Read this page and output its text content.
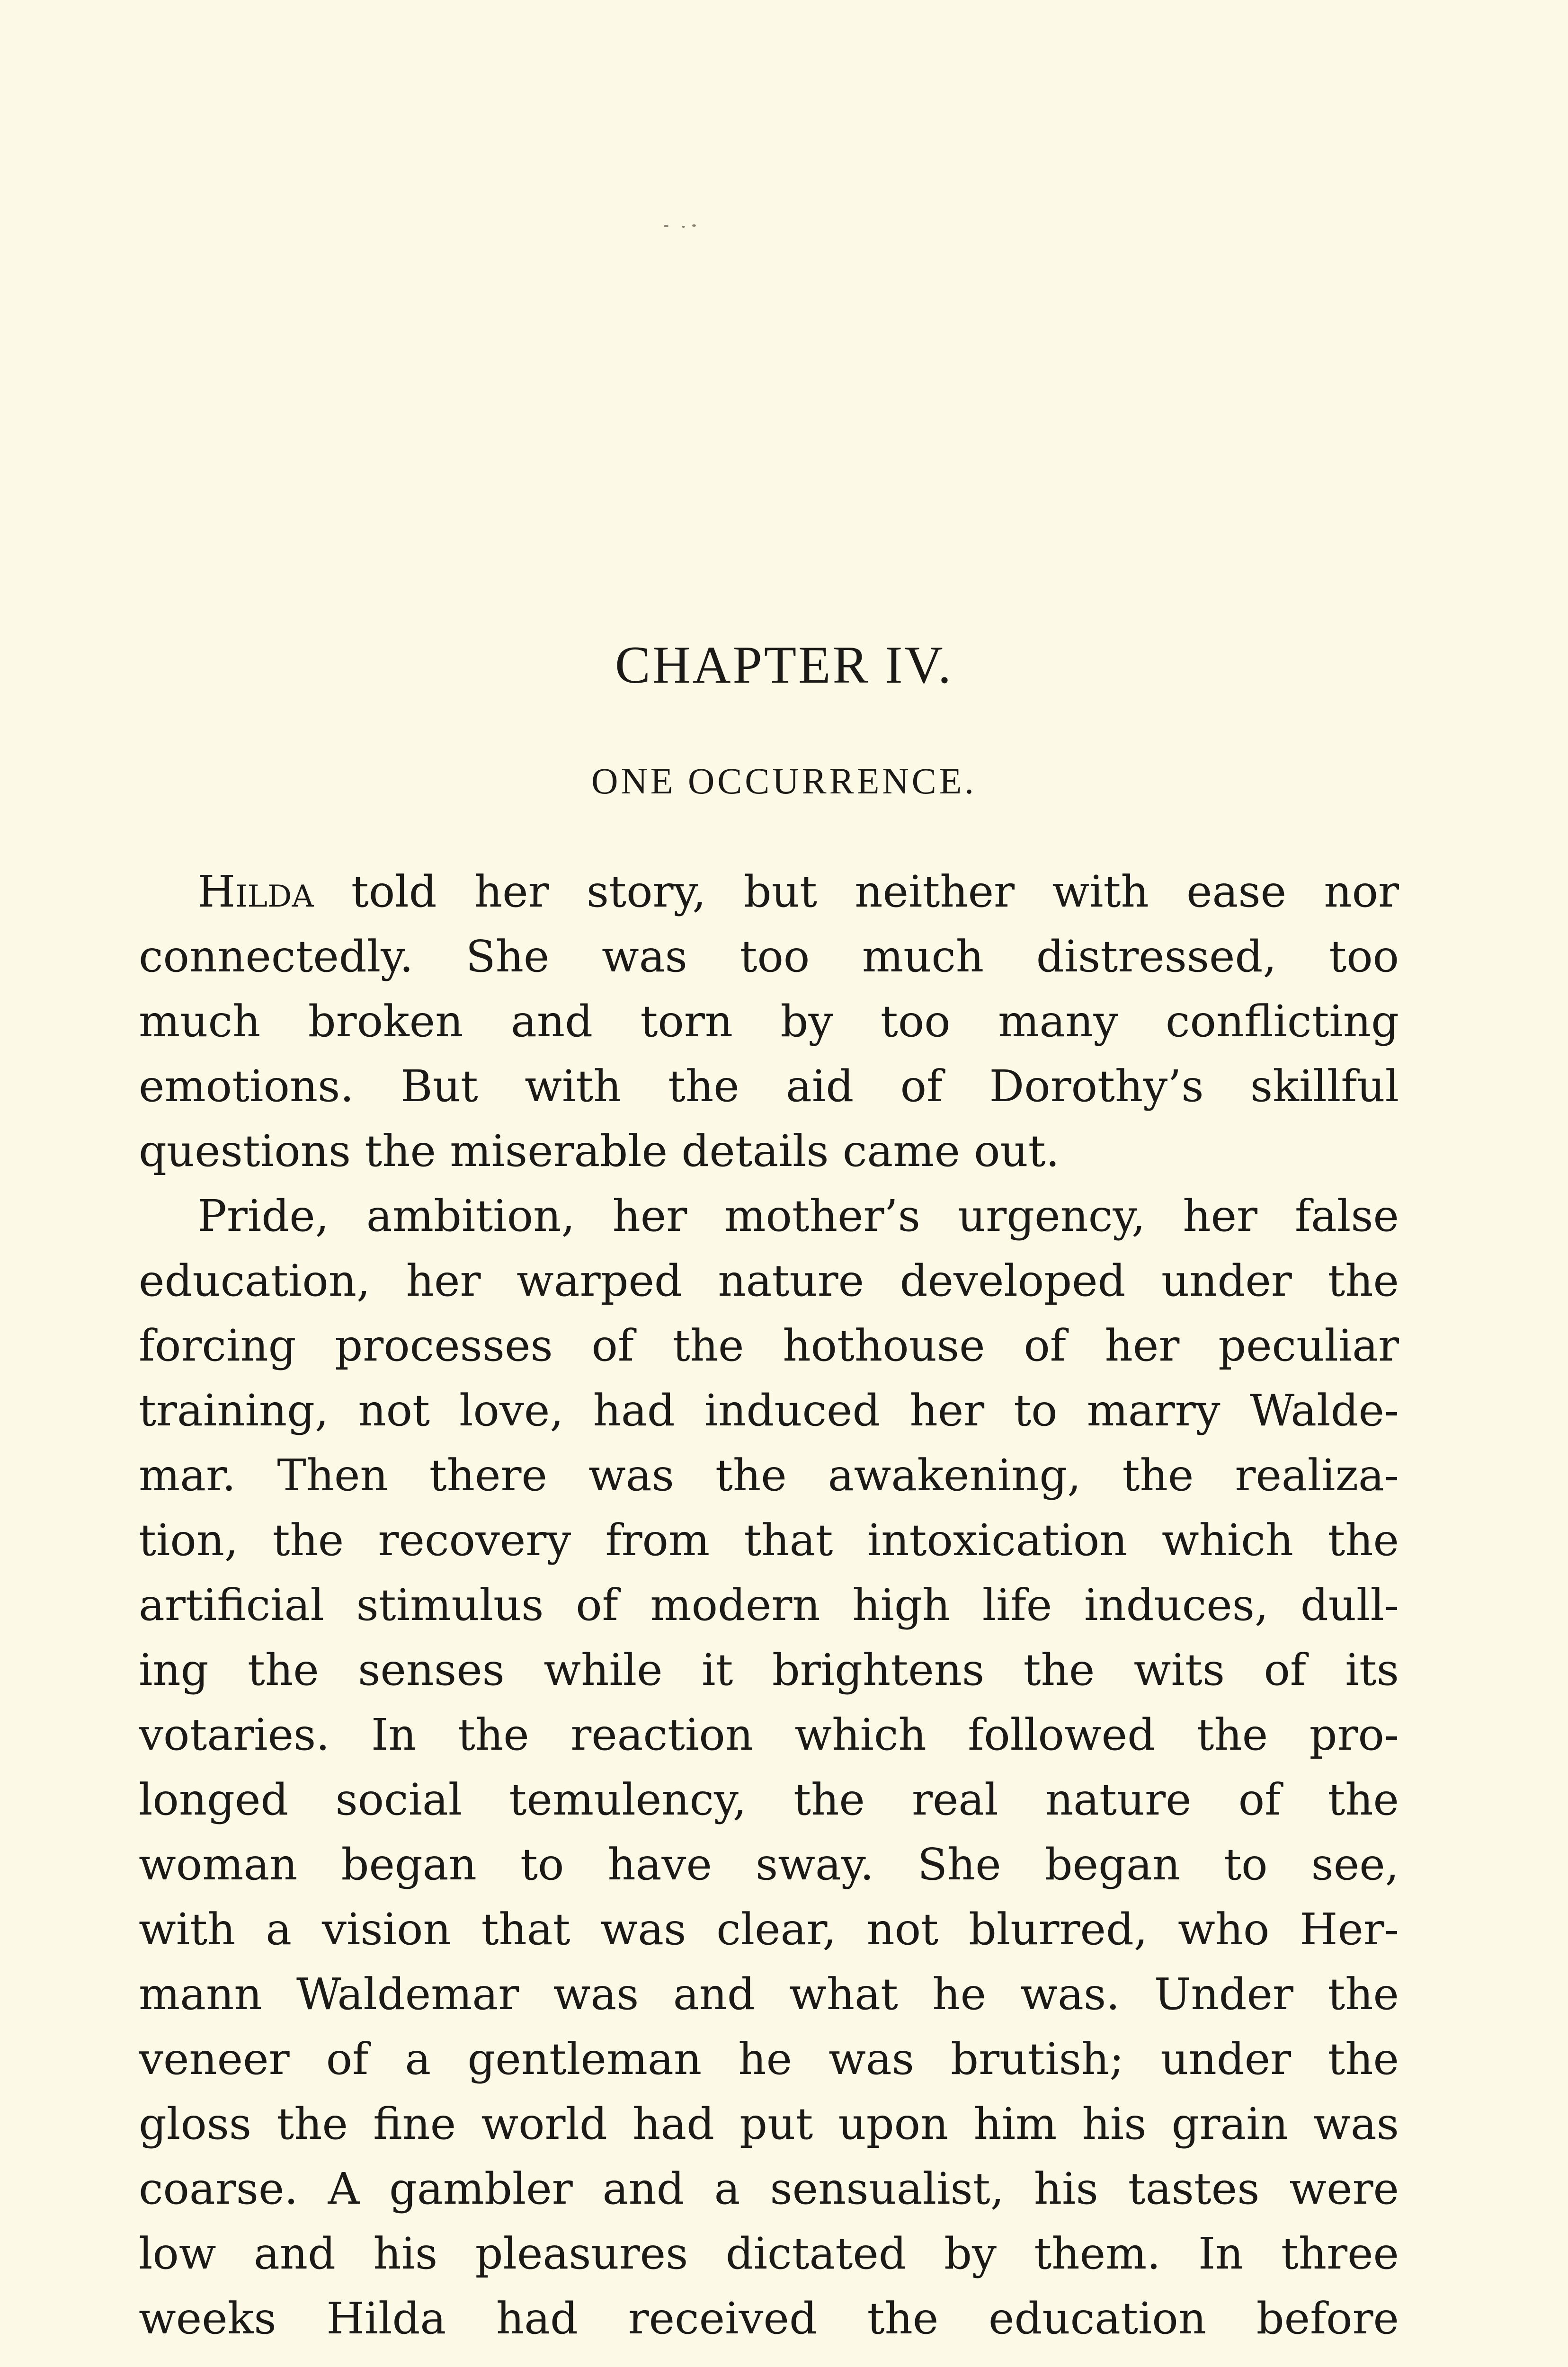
CHAPTER IV.
ONE OCCURRENCE.
Hilda told her story, but neither with ease nor
connectedly. She was too much distressed, too
much broken and torn by too many conflicting
emotions. But with the aid of Dorothy’s skillful
questions the miserable details came out.
Pride, ambition, her mother’s urgency, her false
education, her warped nature developed under the
forcing processes of the hothouse of her peculiar
training, not love, had induced her to marry Walde-
mar. Then there was the awakening, the realiza-
tion, the recovery from that intoxication which the
artificial stimulus of modern high life induces, dull-
ing the senses while it brightens the wits of its
votaries. In the reaction which followed the pro-
longed social temulency, the real nature of the
woman began to have sway. She began to see,
with a vision that was clear, not blurred, who Her-
mann Waldemar was and what he was. Under the
veneer of a gentleman he was brutish; under the
gloss the fine world had put upon him his grain was
coarse. A gambler and a sensualist, his tastes were
low and his pleasures dictated by them. In three
weeks Hilda had received the education before
